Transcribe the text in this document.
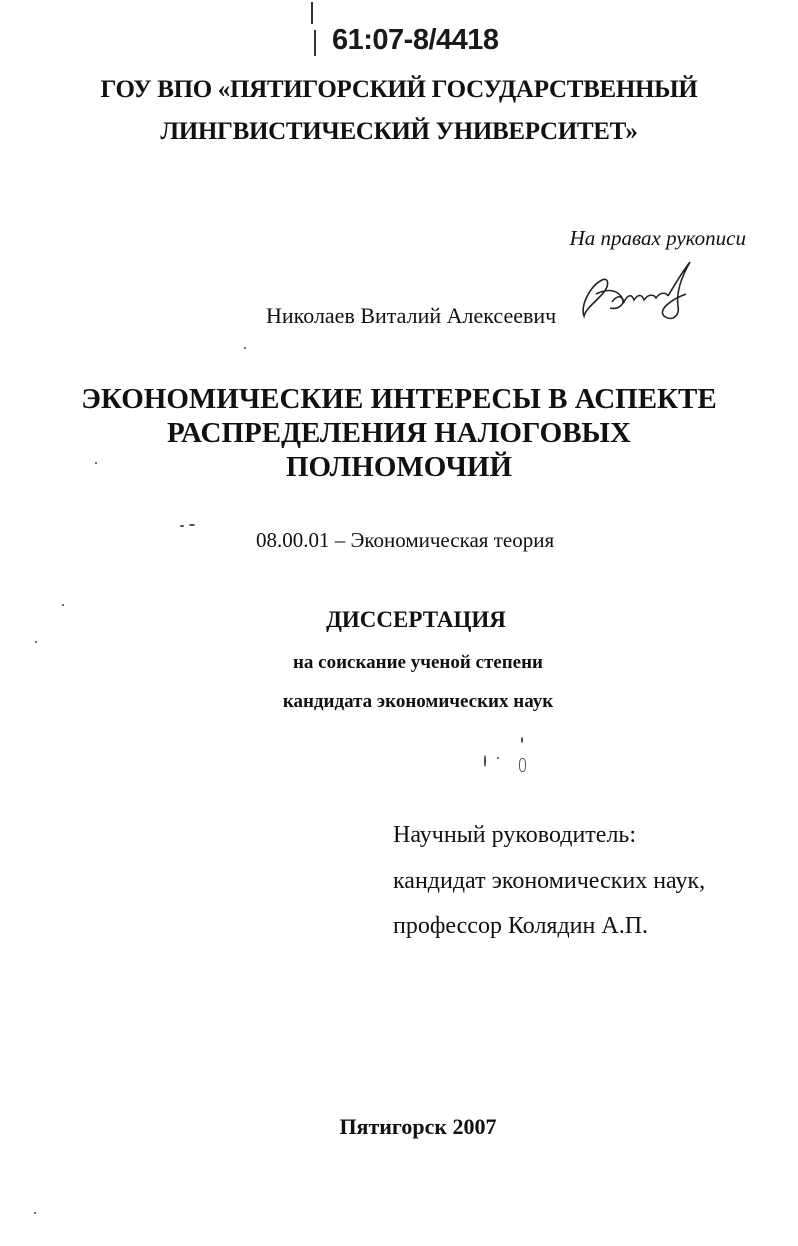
61:07-8/4418
ГОУ ВПО «ПЯТИГОРСКИЙ ГОСУДАРСТВЕННЫЙ
ЛИНГВИСТИЧЕСКИЙ УНИВЕРСИТЕТ»
На правах рукописи
Николаев Виталий Алексеевич
ЭКОНОМИЧЕСКИЕ ИНТЕРЕСЫ В АСПЕКТЕ
РАСПРЕДЕЛЕНИЯ НАЛОГОВЫХ
ПОЛНОМОЧИЙ
08.00.01 – Экономическая теория
ДИССЕРТАЦИЯ
на соискание ученой степени
кандидата экономических наук
Научный руководитель:
кандидат экономических наук,
профессор Колядин А.П.
Пятигорск 2007
